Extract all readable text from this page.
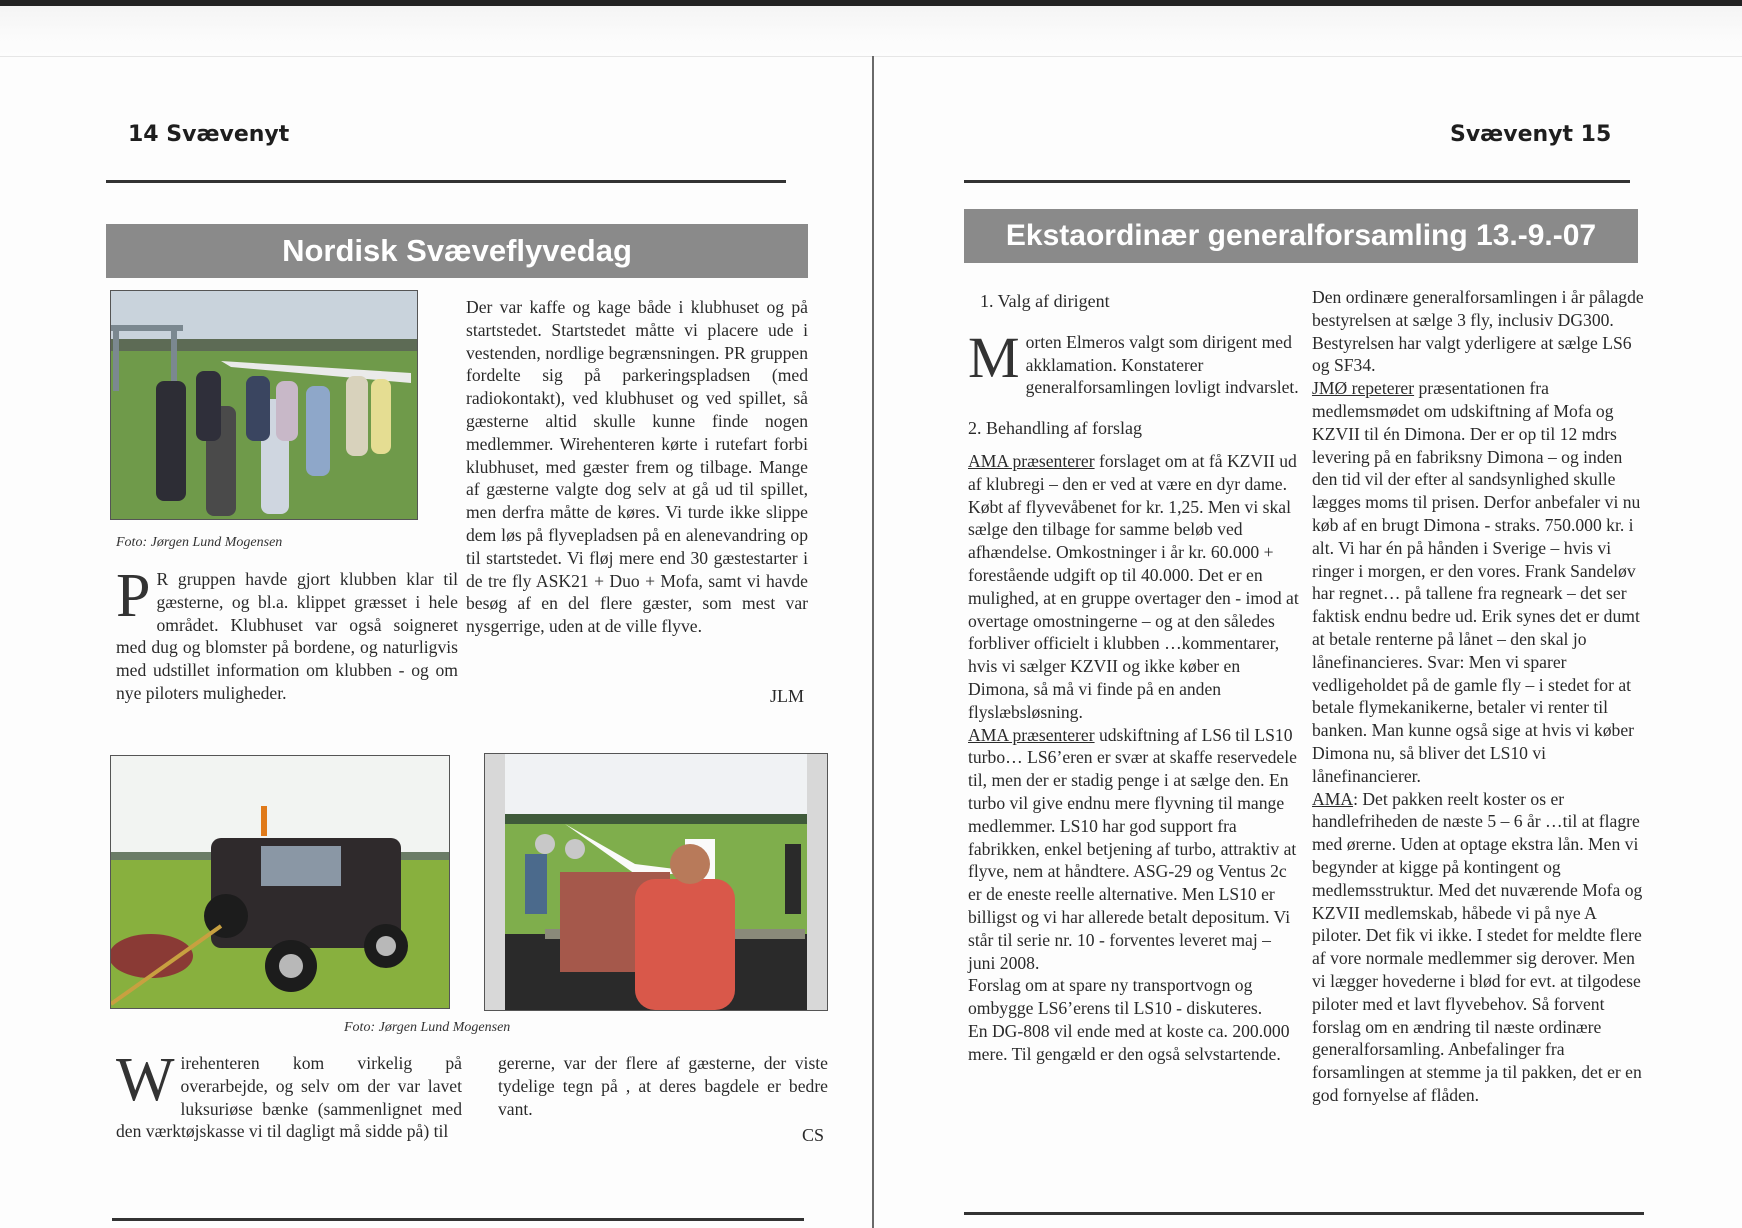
14 Svævenyt
Nordisk Svæveflyvedag
Foto: Jørgen Lund Mogensen
P R gruppen havde gjort klubben klar til gæsterne, og bl.a. klippet græsset i hele området. Klubhuset var også soigneret med dug og blomster på bordene, og naturligvis med udstillet information om klubben - og om nye piloters muligheder.
Der var kaffe og kage både i klubhuset og på startstedet. Startstedet måtte vi placere ude i vestenden, nordlige begrænsningen. PR gruppen fordelte sig på parkeringspladsen (med radiokontakt), ved klubhuset og ved spillet, så gæsterne altid skulle kunne finde nogen medlemmer. Wirehenteren kørte i rutefart forbi klubhuset, med gæster frem og tilbage. Mange af gæsterne valgte dog selv at gå ud til spillet, men derfra måtte de køres. Vi turde ikke slippe dem løs på flyvepladsen på en alenevandring op til startstedet. Vi fløj mere end 30 gæstestarter i de tre fly ASK21 + Duo + Mofa, samt vi havde besøg af en del flere gæster, som mest var nysgerrige, uden at de ville flyve.
JLM
Foto: Jørgen Lund Mogensen
W irehenteren kom virkelig på overarbejde, og selv om der var lavet luksuriøse bænke (sammenlignet med den værktøjskasse vi til dagligt må sidde på) til
gererne, var der flere af gæsterne, der viste tydelige tegn på , at deres bagdele er bedre vant.
CS
Svævenyt 15
Ekstaordinær generalforsamling 13.-9.-07

1. Valg af dirigent

M orten Elmeros valgt som dirigent med akklamation. Konstaterer generalforsamlingen lovligt indvarslet.

2. Behandling af forslag

AMA præsenterer forslaget om at få KZVII ud af klubregi – den er ved at være en dyr dame. Købt af flyvevåbenet for kr. 1,25. Men vi skal sælge den tilbage for samme beløb ved afhændelse. Omkostninger i år kr. 60.000 + forestående udgift op til 40.000. Det er en mulighed, at en gruppe overtager den - imod at overtage omostningerne – og at den således forbliver officielt i klubben …kommentarer, hvis vi sælger KZVII og ikke køber en Dimona, så må vi finde på en anden flyslæbsløsning.

AMA præsenterer udskiftning af LS6 til LS10 turbo… LS6’eren er svær at skaffe reservedele til, men der er stadig penge i at sælge den. En turbo vil give endnu mere flyvning til mange medlemmer. LS10 har god support fra fabrikken, enkel betjening af turbo, attraktiv at flyve, nem at håndtere. ASG-29 og Ventus 2c er de eneste reelle alternative. Men LS10 er billigst og vi har allerede betalt depositum. Vi står til serie nr. 10 - forventes leveret maj – juni 2008.

Forslag om at spare ny transportvogn og ombygge LS6’erens til LS10 - diskuteres.

En DG-808 vil ende med at koste ca. 200.000 mere. Til gengæld er den også selvstartende.

Den ordinære generalforsamlingen i år pålagde bestyrelsen at sælge 3 fly, inclusiv DG300. Bestyrelsen har valgt yderligere at sælge LS6 og SF34.

JMØ repeterer præsentationen fra medlemsmødet om udskiftning af Mofa og KZVII til én Dimona. Der er op til 12 mdrs levering på en fabriksny Dimona – og inden den tid vil der efter al sandsynlighed skulle lægges moms til prisen. Derfor anbefaler vi nu køb af en brugt Dimona - straks. 750.000 kr. i alt. Vi har én på hånden i Sverige – hvis vi ringer i morgen, er den vores. Frank Sandeløv har regnet… på tallene fra regneark – det ser faktisk endnu bedre ud. Erik synes det er dumt at betale renterne på lånet – den skal jo lånefinancieres. Svar: Men vi sparer vedligeholdet på de gamle fly – i stedet for at betale flymekanikerne, betaler vi renter til banken. Man kunne også sige at hvis vi køber Dimona nu, så bliver det LS10 vi lånefinancierer.

AMA: Det pakken reelt koster os er handlefriheden de næste 5 – 6 år …til at flagre med ørerne. Uden at optage ekstra lån. Men vi begynder at kigge på kontingent og medlemsstruktur. Med det nuværende Mofa og KZVII medlemskab, håbede vi på nye A piloter. Det fik vi ikke. I stedet for meldte flere af vore normale medlemmer sig derover. Men vi lægger hovederne i blød for evt. at tilgodese piloter med et lavt flyvebehov. Så forvent forslag om en ændring til næste ordinære generalforsamling. Anbefalinger fra forsamlingen at stemme ja til pakken, det er en god fornyelse af flåden.
